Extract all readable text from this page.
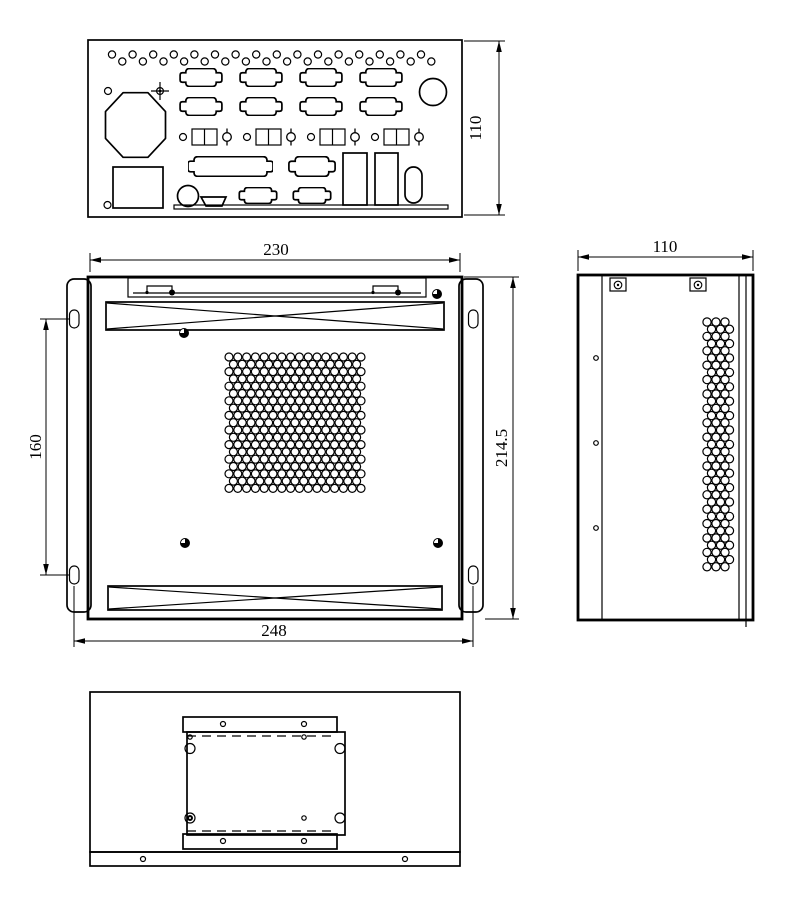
110
230
248
160	214.5
110
